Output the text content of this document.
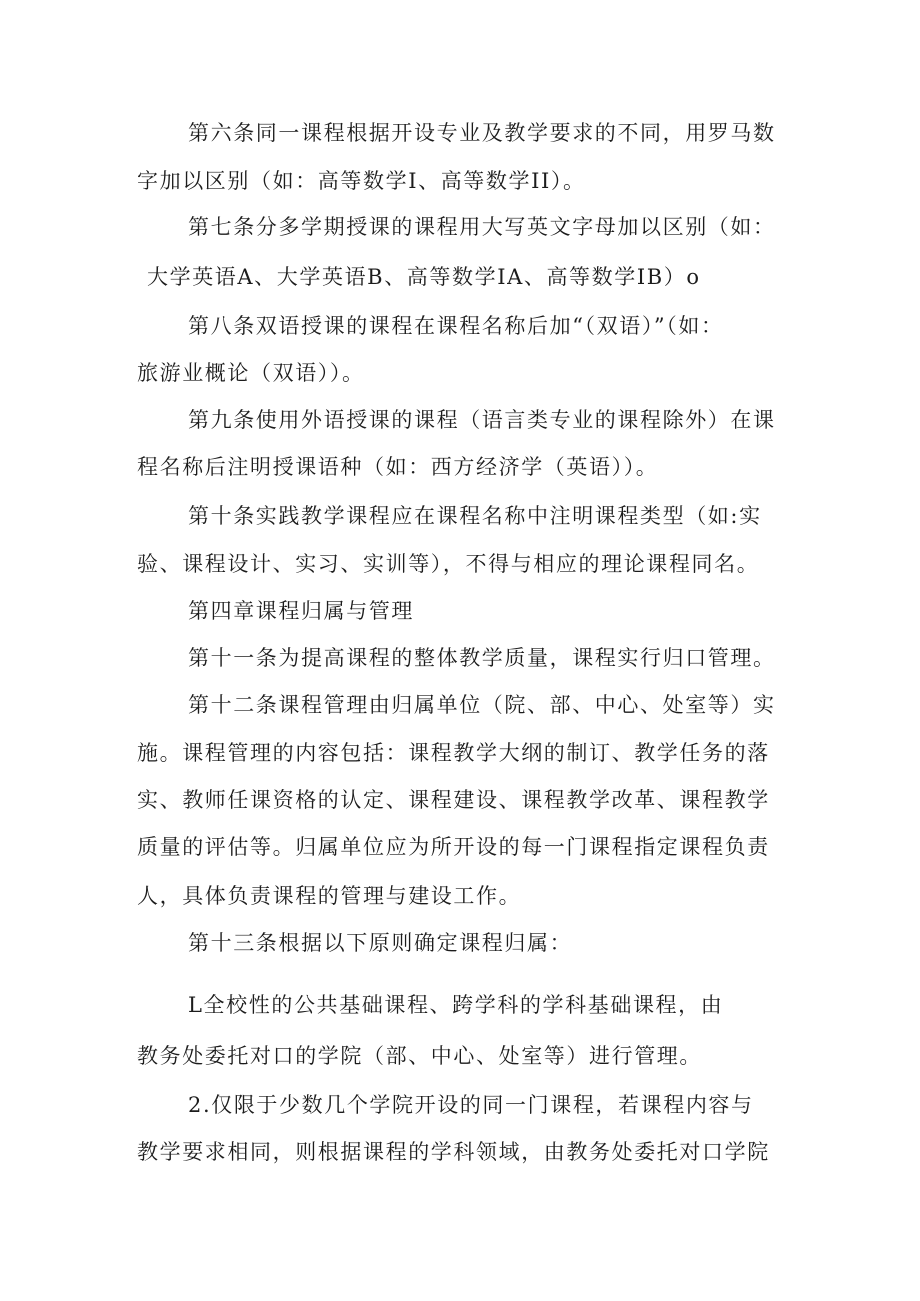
第六条同一课程根据开设专业及教学要求的不同，用罗马数
字加以区别（如：高等数学I、高等数学II）。
第七条分多学期授课的课程用大写英文字母加以区别（如：
大学英语A、大学英语B、高等数学IA、高等数学IB）o
第八条双语授课的课程在课程名称后加“（双语）”（如：
旅游业概论（双语））。
第九条使用外语授课的课程（语言类专业的课程除外）在课
程名称后注明授课语种（如：西方经济学（英语））。
第十条实践教学课程应在课程名称中注明课程类型（如:实
验、课程设计、实习、实训等），不得与相应的理论课程同名。
第四章课程归属与管理
第十一条为提高课程的整体教学质量，课程实行归口管理。
第十二条课程管理由归属单位（院、部、中心、处室等）实
施。课程管理的内容包括：课程教学大纲的制订、教学任务的落
实、教师任课资格的认定、课程建设、课程教学改革、课程教学
质量的评估等。归属单位应为所开设的每一门课程指定课程负责
人，具体负责课程的管理与建设工作。
第十三条根据以下原则确定课程归属：
L全校性的公共基础课程、跨学科的学科基础课程，由
教务处委托对口的学院（部、中心、处室等）进行管理。
2.仅限于少数几个学院开设的同一门课程，若课程内容与
教学要求相同，则根据课程的学科领域，由教务处委托对口学院
